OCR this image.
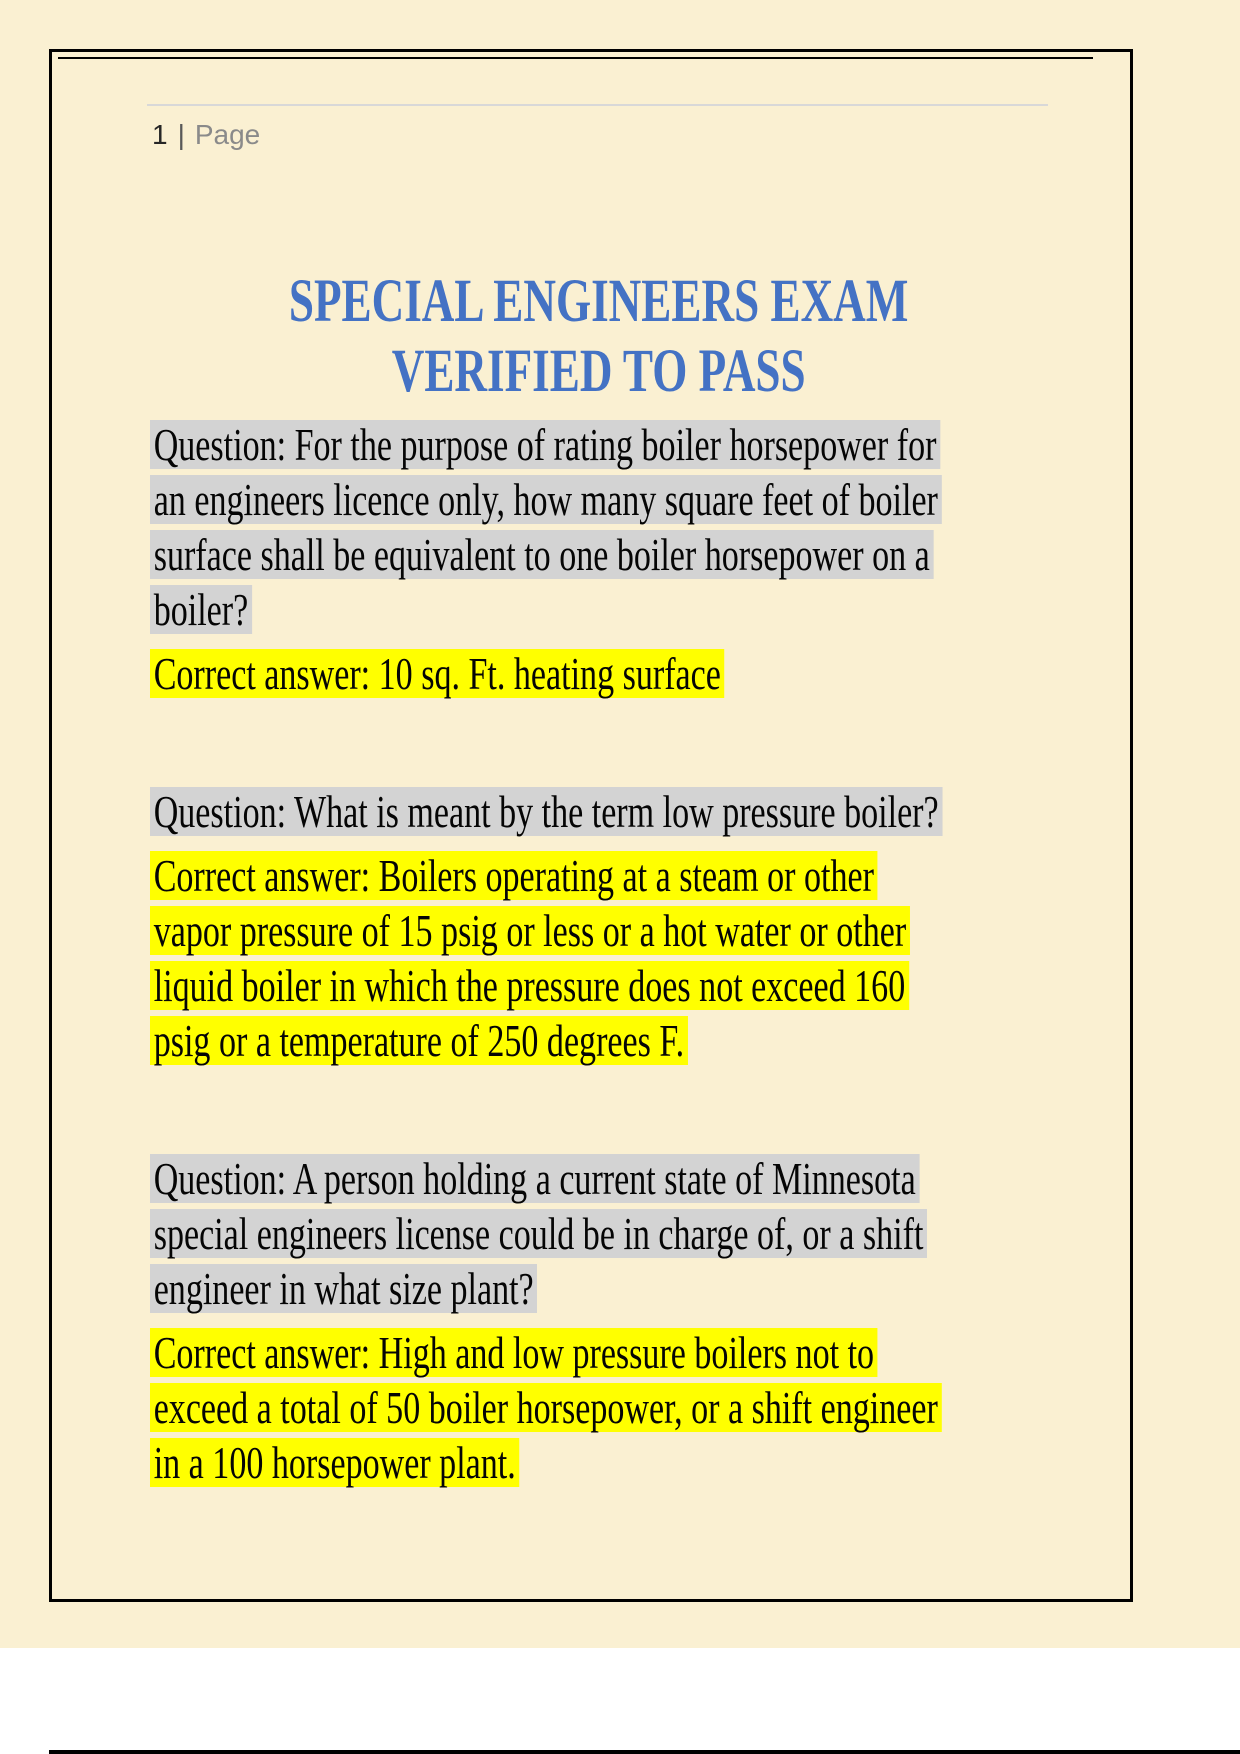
1 | Page
SPECIAL ENGINEERS EXAM
VERIFIED TO PASS
Question: For the purpose of rating boiler horsepower for
an engineers licence only, how many square feet of boiler
surface shall be equivalent to one boiler horsepower on a
boiler?
Correct answer: 10 sq. Ft. heating surface
Question: What is meant by the term low pressure boiler?
Correct answer: Boilers operating at a steam or other
vapor pressure of 15 psig or less or a hot water or other
liquid boiler in which the pressure does not exceed 160
psig or a temperature of 250 degrees F.
Question: A person holding a current state of Minnesota
special engineers license could be in charge of, or a shift
engineer in what size plant?
Correct answer: High and low pressure boilers not to
exceed a total of 50 boiler horsepower, or a shift engineer
in a 100 horsepower plant.
